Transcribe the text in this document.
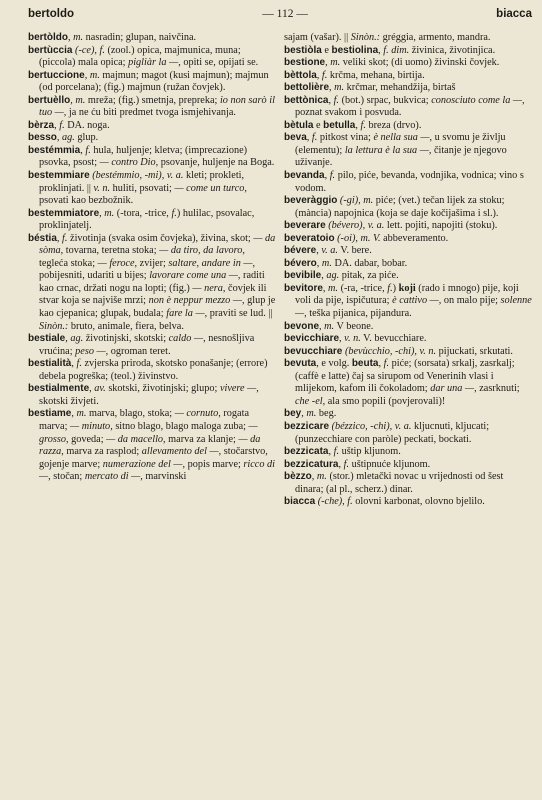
bertoldo	— 112 —	biacca

bertòldo, m. nasradin; glupan, naivčina.

bertùccia (-ce), f. (zool.) opica, majmunica, muna; (piccola) mala opica; pigliàr la —, opiti se, opijati se.

bertuccione, m. majmun; magot (kusi majmun); majmun (od porcelana); (fig.) majmun (ružan čovjek).

bertuèllo, m. mreža; (fig.) smetnja, prepreka; io non sarò il tuo —, ja ne ću biti predmet tvoga ismjehivanja.

bèrza, f. DA. noga.

besso, ag. glup.

bestémmia, f. hula, huljenje; kletva; (imprecazione) psovka, psost; — contro Dio, psovanje, huljenje na Boga.

bestemmiare (bestémmio, -mi), v. a. kleti; prokleti, proklinjati. || v. n. huliti, psovati; — come un turco, psovati kao bezbožnik.

bestemmiatore, m. (-tora, -trice, f.) hulilac, psovalac, proklinjatelj.

béstia, f. životinja (svaka osim čovjeka), živina, skot; — da sòma, tovarna, teretna stoka; — da tiro, da lavoro, tegleća stoka; — feroce, zvijer; saltare, andare in —, pobijesniti, udariti u bijes; lavorare come una —, raditi kao crnac, držati nogu na lopti; (fig.) — nera, čovjek ili stvar koja se najviše mrzi; non è neppur mezzo —, glup je kao cjepanica; glupak, budala; fare la —, praviti se lud. || Sinòn.: bruto, animale, fiera, belva.

bestiale, ag. životinjski, skotski; caldo —, nesnošljiva vrućina; peso —, ogroman teret.

bestialità, f. zvjerska priroda, skotsko ponašanje; (errore) debela pogreška; (teol.) živinstvo.

bestialmente, av. skotski, životinjski; glupo; vivere —, skotski živjeti.

bestiame, m. marva, blago, stoka; — cornuto, rogata marva; — minuto, sitno blago, blago maloga zuba; — grosso, goveda; — da macello, marva za klanje; — da razza, marva za rasplod; allevamento del —, stočarstvo, gojenje marve; numerazione del —, popis marve; ricco di —, stočan; mercato di —, marvinski

sajam (vašar). || Sinòn.: gréggia, armento, mandra.

bestiòla e bestiolina, f. dim. živinica, životinjica.

bestione, m. veliki skot; (di uomo) živinski čovjek.

bèttola, f. krčma, mehana, birtija.

bettolière, m. krčmar, mehandžija, birtaš

bettònica, f. (bot.) srpac, bukvica; conosciuto come la —, poznat svakom i posvuda.

bètula e betulla, f. breza (drvo).

beva, f. pitkost vina; è nella sua —, u svomu je življu (elementu); la lettura è la sua —, čitanje je njegovo uživanje.

bevanda, f. pilo, piće, bevanda, vodnjika, vodnica; vino s vodom.

beveràggio (-gi), m. piće; (vet.) tečan lijek za stoku; (mància) napojnica (koja se daje kočijašima i sl.).

beverare (bévero), v. a. lett. pojiti, napojiti (stoku).

beveratoio (-oi), m. V. abbeveramento.

bévere, v. a. V. bere.

bévero, m. DA. dabar, bobar.

bevibile, ag. pitak, za piće.

bevitore, m. (-ra, -trice, f.) koji (rado i mnogo) pije, koji voli da pije, ispičutura; è cattivo —, on malo pije; solenne —, teška pijanica, pijandura.

bevone, m. V beone.

bevicchiare, v. n. V. bevucchiare.

bevucchiare (bevùcchio, -chi), v. n. pijuckati, srkutati.

bevuta, e volg. beuta, f. piće; (sorsata) srkalj, zasrkalj; (caffè e latte) čaj sa sirupom od Venerinih vlasi i mlijekom, kafom ili čokoladom; dar una —, zasrknuti; che -el, ala smo popili (povjerovali)!

bey, m. beg.

bezzicare (bézzico, -chi), v. a. kljucnuti, kljucati; (punzecchiare con paròle) peckati, bockati.

bezzicata, f. uštip kljunom.

bezzicatura, f. uštipnuće kljunom.

bèzzo, m. (stor.) mletački novac u vrijednosti od šest dinara; (al pl., scherz.) dinar.

biacca (-che), f. olovni karbonat, olovno bjelilo.
